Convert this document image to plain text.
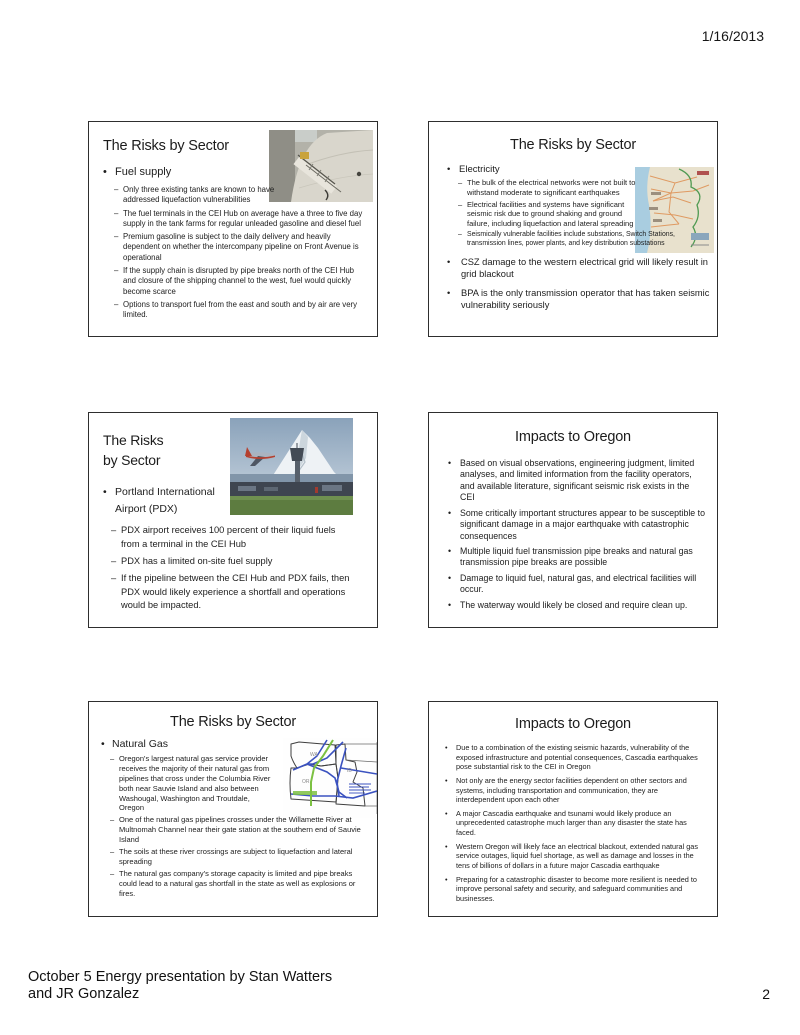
1/16/2013
The Risks by Sector
• Fuel supply
– Only three existing tanks are known to have addressed liquefaction vulnerabilities
– The fuel terminals in the CEI Hub on average have a three to five day supply in the tank farms for regular unleaded gasoline and diesel fuel
– Premium gasoline is subject to the daily delivery and heavily dependent on whether the intercompany pipeline on Front Avenue is operational
– If the supply chain is disrupted by pipe breaks north of the CEI Hub and closure of the shipping channel to the west, fuel would quickly become scarce
– Options to transport fuel from the east and south and by air are very limited.
The Risks by Sector
• Electricity
– The bulk of the electrical networks were not built to withstand moderate to significant earthquakes
– Electrical facilities and systems have significant seismic risk due to ground shaking and ground failure, including liquefaction and lateral spreading
– Seismically vulnerable facilities include substations, Switch Stations, transmission lines, power plants, and key distribution substations
• CSZ damage to the western electrical grid will likely result in grid blackout
• BPA is the only transmission operator that has taken seismic vulnerability seriously
The Risks by Sector
• Portland International Airport (PDX)
– PDX airport receives 100 percent of their liquid fuels from a terminal in the CEI Hub
– PDX has a limited on-site fuel supply
– If the pipeline between the CEI Hub and PDX fails, then PDX would likely experience a shortfall and operations would be impacted.
Impacts to Oregon
• Based on visual observations, engineering judgment, limited analyses, and limited information from the facility operators, and available literature, significant seismic risk exists in the CEI
• Some critically important structures appear to be susceptible to significant damage in a major earthquake with catastrophic consequences
• Multiple liquid fuel transmission pipe breaks and natural gas transmission pipe breaks are possible
• Damage to liquid fuel, natural gas, and electrical facilities will occur.
• The waterway would likely be closed and require clean up.
The Risks by Sector
WA
OR
ID
• Natural Gas
– Oregon's largest natural gas service provider receives the majority of their natural gas from pipelines that cross under the Columbia River both near Sauvie Island and also between Washougal, Washington and Troutdale, Oregon
– One of the natural gas pipelines crosses under the Willamette River at Multnomah Channel near their gate station at the southern end of Sauvie Island
– The soils at these river crossings are subject to liquefaction and lateral spreading
– The natural gas company's storage capacity is limited and pipe breaks could lead to a natural gas shortfall in the state as well as explosions or fires.
Impacts to Oregon
• Due to a combination of the existing seismic hazards, vulnerability of the exposed infrastructure and potential consequences, Cascadia earthquakes pose substantial risk to the CEI in Oregon
• Not only are the energy sector facilities dependent on other sectors and systems, including transportation and communication, they are interdependent upon each other
• A major Cascadia earthquake and tsunami would likely produce an unprecedented catastrophe much larger than any disaster the state has faced.
• Western Oregon will likely face an electrical blackout, extended natural gas service outages, liquid fuel shortage, as well as damage and losses in the tens of billions of dollars in a future major Cascadia earthquake
• Preparing for a catastrophic disaster to become more resilient is needed to improve personal safety and security, and safeguard communities and businesses.
October 5 Energy presentation by Stan Watters
and JR Gonzalez	2
